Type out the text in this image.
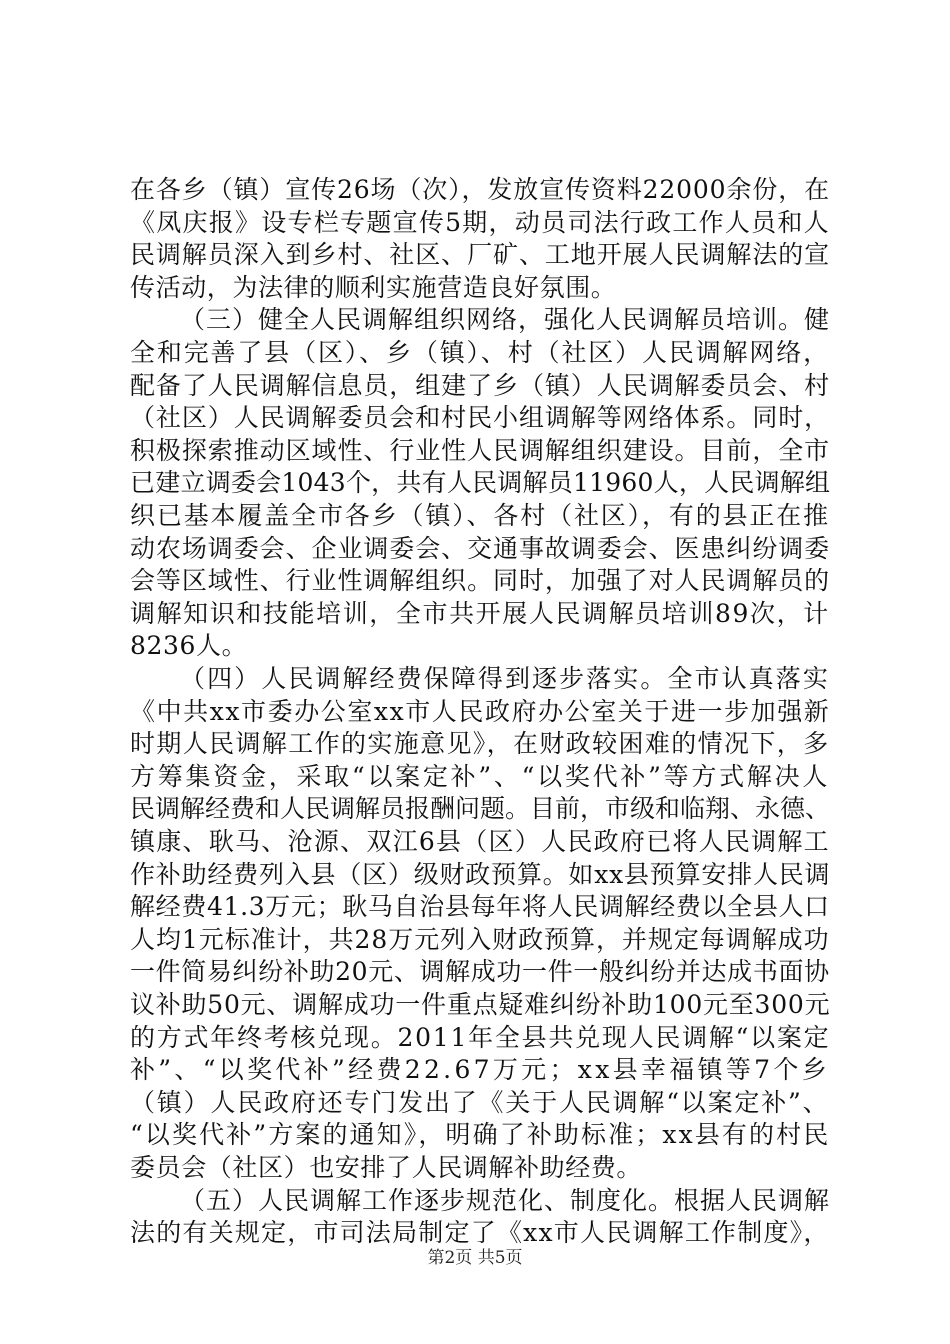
在各乡（镇）宣传26场（次），发放宣传资料22000余份，在
《凤庆报》设专栏专题宣传5期，动员司法行政工作人员和人
民调解员深入到乡村、社区、厂矿、工地开展人民调解法的宣
传活动，为法律的顺利实施营造良好氛围。
（三）健全人民调解组织网络，强化人民调解员培训。健
全和完善了县（区）、乡（镇）、村（社区）人民调解网络，
配备了人民调解信息员，组建了乡（镇）人民调解委员会、村
（社区）人民调解委员会和村民小组调解等网络体系。同时，
积极探索推动区域性、行业性人民调解组织建设。目前，全市
已建立调委会1043个，共有人民调解员11960人，人民调解组
织已基本履盖全市各乡（镇）、各村（社区），有的县正在推
动农场调委会、企业调委会、交通事故调委会、医患纠纷调委
会等区域性、行业性调解组织。同时，加强了对人民调解员的
调解知识和技能培训，全市共开展人民调解员培训89次，计
8236人。
（四）人民调解经费保障得到逐步落实。全市认真落实
《中共xx市委办公室xx市人民政府办公室关于进一步加强新
时期人民调解工作的实施意见》，在财政较困难的情况下，多
方筹集资金，采取“以案定补”、“以奖代补”等方式解决人
民调解经费和人民调解员报酬问题。目前，市级和临翔、永德、
镇康、耿马、沧源、双江6县（区）人民政府已将人民调解工
作补助经费列入县（区）级财政预算。如xx县预算安排人民调
解经费41.3万元；耿马自治县每年将人民调解经费以全县人口
人均1元标准计，共28万元列入财政预算，并规定每调解成功
一件简易纠纷补助20元、调解成功一件一般纠纷并达成书面协
议补助50元、调解成功一件重点疑难纠纷补助100元至300元
的方式年终考核兑现。2011年全县共兑现人民调解“以案定
补”、“以奖代补”经费22.67万元；xx县幸福镇等7个乡
（镇）人民政府还专门发出了《关于人民调解“以案定补”、
“以奖代补”方案的通知》，明确了补助标准；xx县有的村民
委员会（社区）也安排了人民调解补助经费。
（五）人民调解工作逐步规范化、制度化。根据人民调解
法的有关规定，市司法局制定了《xx市人民调解工作制度》，
第2页 共5页
